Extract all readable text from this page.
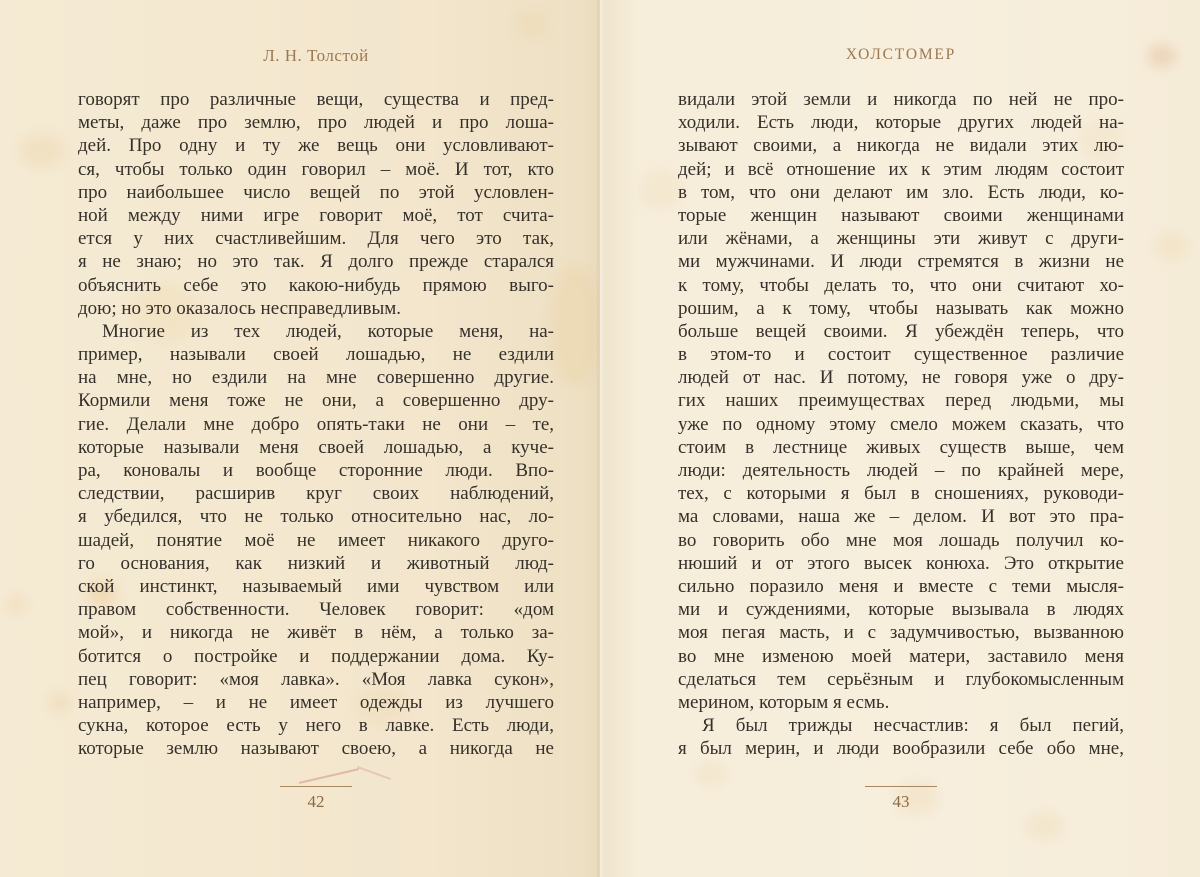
Л. Н. Толстой
говорят про различные вещи, существа и пред-
меты, даже про землю, про людей и про лоша-
дей. Про одну и ту же вещь они условливают-
ся, чтобы только один говорил – моё. И тот, кто
про наибольшее число вещей по этой условлен-
ной между ними игре говорит моё, тот счита-
ется у них счастливейшим. Для чего это так,
я не знаю; но это так. Я долго прежде старался
объяснить себе это какою-нибудь прямою выго-
дою; но это оказалось несправедливым.
Многие из тех людей, которые меня, на-
пример, называли своей лошадью, не ездили
на мне, но ездили на мне совершенно другие.
Кормили меня тоже не они, а совершенно дру-
гие. Делали мне добро опять-таки не они – те,
которые называли меня своей лошадью, а куче-
ра, коновалы и вообще сторонние люди. Впо-
следствии, расширив круг своих наблюдений,
я убедился, что не только относительно нас, ло-
шадей, понятие моё не имеет никакого друго-
го основания, как низкий и животный люд-
ской инстинкт, называемый ими чувством или
правом собственности. Человек говорит: «дом
мой», и никогда не живёт в нём, а только за-
ботится о постройке и поддержании дома. Ку-
пец говорит: «моя лавка». «Моя лавка сукон»,
например, – и не имеет одежды из лучшего
сукна, которое есть у него в лавке. Есть люди,
которые землю называют своею, а никогда не
42
ХОЛСТОМЕР
видали этой земли и никогда по ней не про-
ходили. Есть люди, которые других людей на-
зывают своими, а никогда не видали этих лю-
дей; и всё отношение их к этим людям состоит
в том, что они делают им зло. Есть люди, ко-
торые женщин называют своими женщинами
или жёнами, а женщины эти живут с други-
ми мужчинами. И люди стремятся в жизни не
к тому, чтобы делать то, что они считают хо-
рошим, а к тому, чтобы называть как можно
больше вещей своими. Я убеждён теперь, что
в этом-то и состоит существенное различие
людей от нас. И потому, не говоря уже о дру-
гих наших преимуществах перед людьми, мы
уже по одному этому смело можем сказать, что
стоим в лестнице живых существ выше, чем
люди: деятельность людей – по крайней мере,
тех, с которыми я был в сношениях, руководи-
ма словами, наша же – делом. И вот это пра-
во говорить обо мне моя лошадь получил ко-
нюший и от этого высек конюха. Это открытие
сильно поразило меня и вместе с теми мысля-
ми и суждениями, которые вызывала в людях
моя пегая масть, и с задумчивостью, вызванною
во мне изменою моей матери, заставило меня
сделаться тем серьёзным и глубокомысленным
мерином, которым я есмь.
Я был трижды несчастлив: я был пегий,
я был мерин, и люди вообразили себе обо мне,
43
